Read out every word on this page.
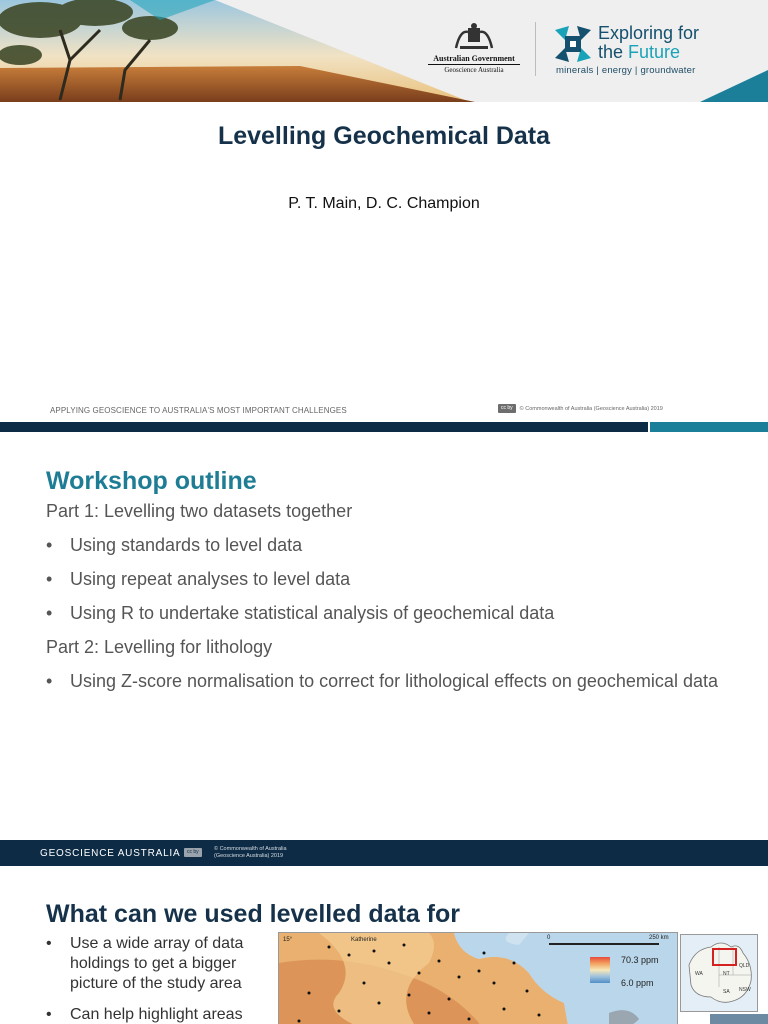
Australian Government
Geoscience Australia
Exploring for
the Future
minerals | energy | groundwater
Levelling Geochemical Data

P. T. Main, D. C. Champion

APPLYING GEOSCIENCE TO AUSTRALIA'S MOST IMPORTANT CHALLENGES	cc by © Commonwealth of Australia (Geoscience Australia) 2019
Workshop outline

Part 1: Levelling two datasets together

• Using standards to level data
• Using repeat analyses to level data
• Using R to undertake statistical analysis of geochemical data

Part 2: Levelling for lithology

• Using Z-score normalisation to correct for lithological effects on geochemical data
GEOSCIENCE AUSTRALIA	cc by	© Commonwealth of Australia
(Geoscience Australia) 2019
What can we used levelled data for
• Use a wide array of data holdings to get a bigger picture of the study area
• Can help highlight areas
15°	Katherine	0	250 km
70.3 ppm
6.0 ppm
WA	NT
QLD
SA NSW
